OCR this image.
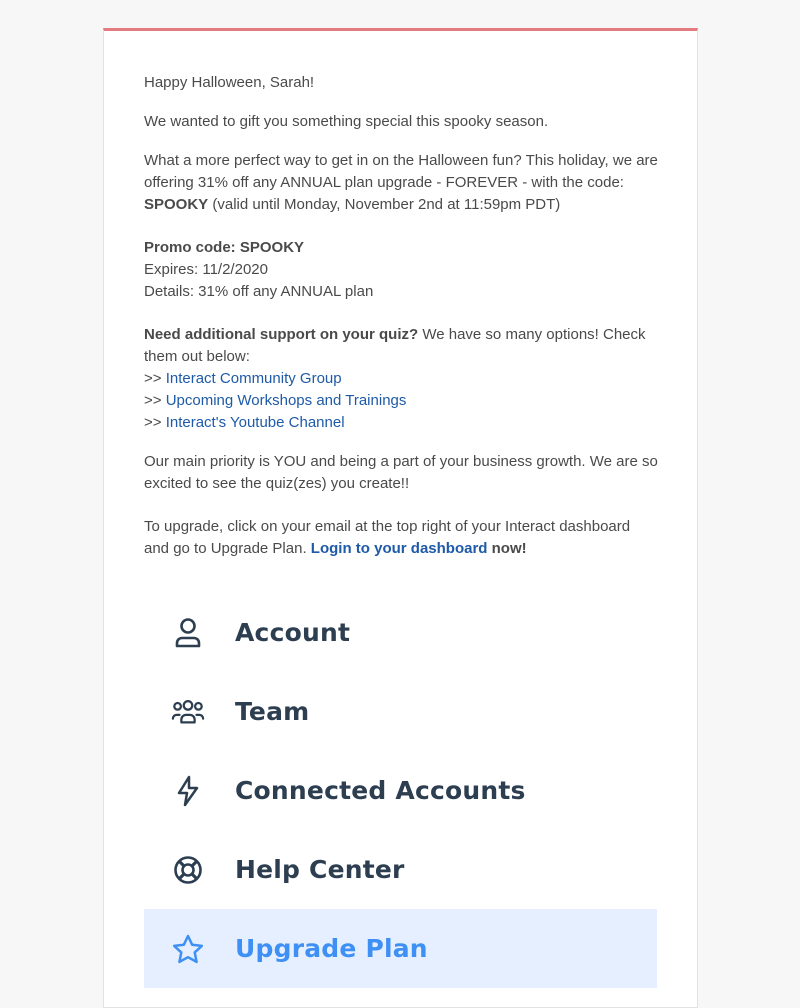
Happy Halloween, Sarah!

We wanted to gift you something special this spooky season.

What a more perfect way to get in on the Halloween fun? This holiday, we are offering 31% off any ANNUAL plan upgrade - FOREVER - with the code: SPOOKY (valid until Monday, November 2nd at 11:59pm PDT)

Promo code: SPOOKY

Expires: 11/2/2020

Details: 31% off any ANNUAL plan

Need additional support on your quiz? We have so many options! Check them out below:

>> Interact Community Group

>> Upcoming Workshops and Trainings

>> Interact's Youtube Channel

Our main priority is YOU and being a part of your business growth. We are so excited to see the quiz(zes) you create!!

To upgrade, click on your email at the top right of your Interact dashboard and go to Upgrade Plan. Login to your dashboard now!

Account
Team
Connected Accounts
Help Center
Upgrade Plan
